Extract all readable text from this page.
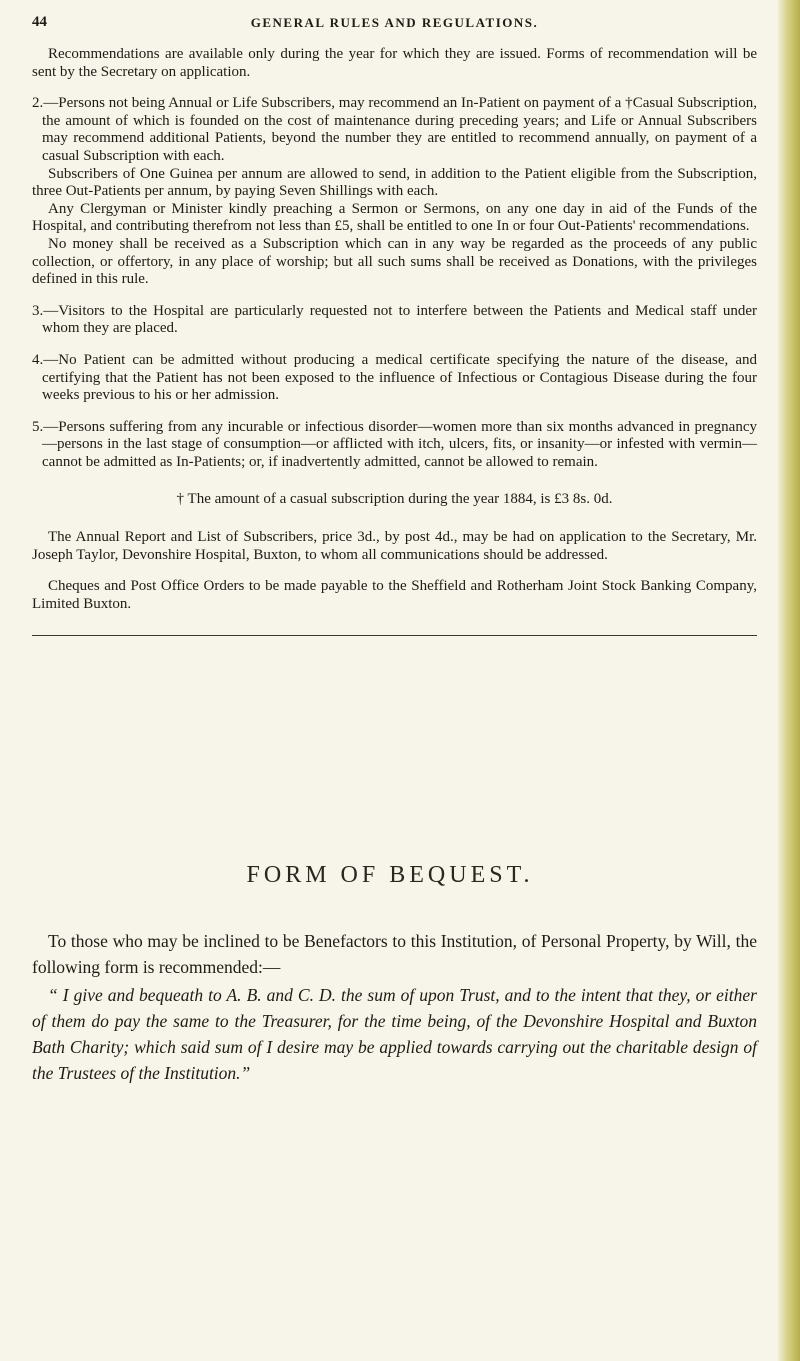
44	GENERAL RULES AND REGULATIONS.

Recommendations are available only during the year for which they are issued. Forms of recommendation will be sent by the Secretary on application.

2.—Persons not being Annual or Life Subscribers, may recommend an In-Patient on payment of a †Casual Subscription, the amount of which is founded on the cost of maintenance during preceding years; and Life or Annual Subscribers may recommend additional Patients, beyond the number they are entitled to recommend annually, on payment of a casual Subscription with each.

Subscribers of One Guinea per annum are allowed to send, in addition to the Patient eligible from the Subscription, three Out-Patients per annum, by paying Seven Shillings with each.

Any Clergyman or Minister kindly preaching a Sermon or Sermons, on any one day in aid of the Funds of the Hospital, and contributing therefrom not less than £5, shall be entitled to one In or four Out-Patients' recommendations.

No money shall be received as a Subscription which can in any way be regarded as the proceeds of any public collection, or offertory, in any place of worship; but all such sums shall be received as Donations, with the privileges defined in this rule.

3.—Visitors to the Hospital are particularly requested not to interfere between the Patients and Medical staff under whom they are placed.

4.—No Patient can be admitted without producing a medical certificate specifying the nature of the disease, and certifying that the Patient has not been exposed to the influence of Infectious or Contagious Disease during the four weeks previous to his or her admission.

5.—Persons suffering from any incurable or infectious disorder—women more than six months advanced in pregnancy—persons in the last stage of consumption—or afflicted with itch, ulcers, fits, or insanity—or infested with vermin—cannot be admitted as In-Patients; or, if inadvertently admitted, cannot be allowed to remain.

† The amount of a casual subscription during the year 1884, is £3 8s. 0d.

The Annual Report and List of Subscribers, price 3d., by post 4d., may be had on application to the Secretary, Mr. Joseph Taylor, Devonshire Hospital, Buxton, to whom all communications should be addressed.

Cheques and Post Office Orders to be made payable to the Sheffield and Rotherham Joint Stock Banking Company, Limited Buxton.

FORM OF BEQUEST.

To those who may be inclined to be Benefactors to this Institution, of Personal Property, by Will, the following form is recommended:—

“ I give and bequeath to A. B. and C. D. the sum of upon Trust, and to the intent that they, or either of them do pay the same to the Treasurer, for the time being, of the Devonshire Hospital and Buxton Bath Charity; which said sum of I desire may be applied towards carrying out the charitable design of the Trustees of the Institution.”
